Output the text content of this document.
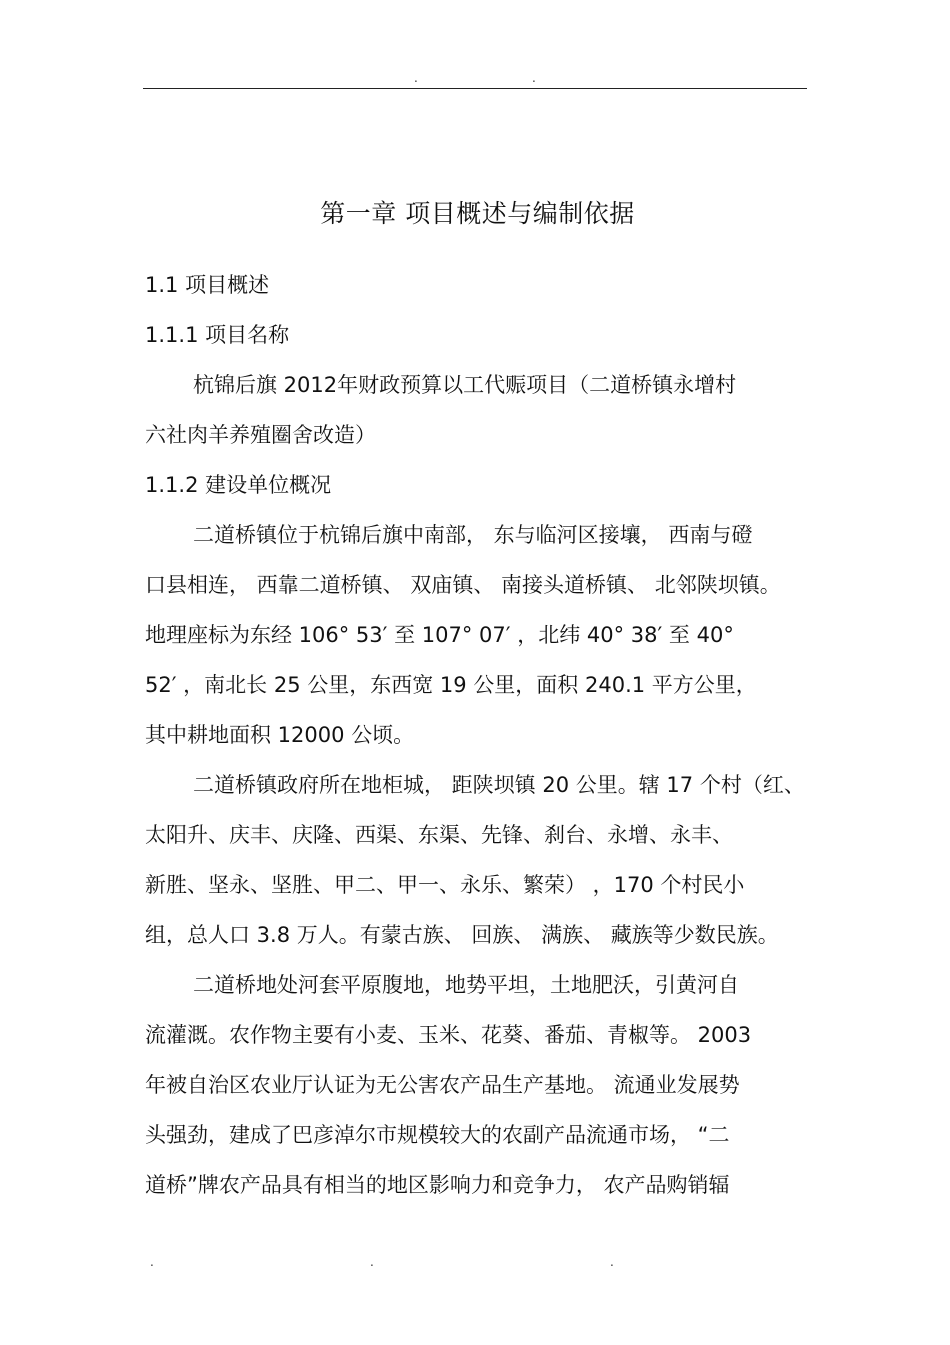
.	.
第一章 项目概述与编制依据
1.1 项目概述
1.1.1 项目名称
杭锦后旗 2012年财政预算以工代赈项目（二道桥镇永增村
六社肉羊养殖圈舍改造）
1.1.2 建设单位概况
二道桥镇位于杭锦后旗中南部， 东与临河区接壤， 西南与磴
口县相连， 西靠二道桥镇、 双庙镇、 南接头道桥镇、 北邻陕坝镇。
地理座标为东经 106° 53′ 至 107° 07′ ，北纬 40° 38′ 至 40°
52′ ，南北长 25 公里，东西宽 19 公里，面积 240.1 平方公里，
其中耕地面积 12000 公顷。
二道桥镇政府所在地柜城， 距陕坝镇 20 公里。辖 17 个村（红、
太阳升、庆丰、庆隆、西渠、东渠、先锋、刹台、永增、永丰、
新胜、坚永、坚胜、甲二、甲一、永乐、繁荣） ，170 个村民小
组，总人口 3.8 万人。有蒙古族、 回族、 满族、 藏族等少数民族。
二道桥地处河套平原腹地，地势平坦，土地肥沃，引黄河自
流灌溉。农作物主要有小麦、玉米、花葵、番茄、青椒等。 2003
年被自治区农业厅认证为无公害农产品生产基地。 流通业发展势
头强劲，建成了巴彦淖尔市规模较大的农副产品流通市场， “二
道桥”牌农产品具有相当的地区影响力和竞争力， 农产品购销辐
.	.	.
